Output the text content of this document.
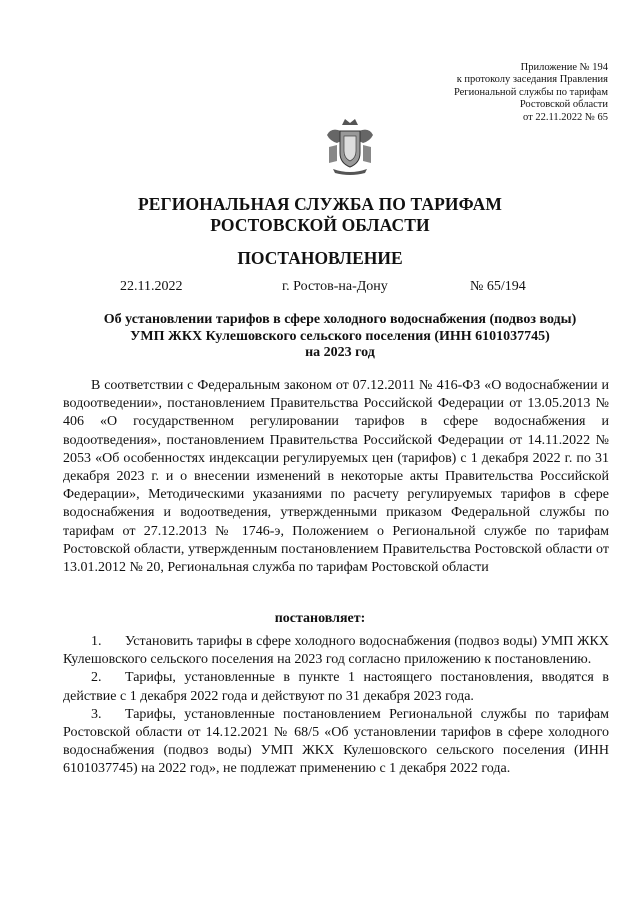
Приложение № 194
к протоколу заседания Правления
Региональной службы по тарифам
Ростовской области
от 22.11.2022 № 65
РЕГИОНАЛЬНАЯ СЛУЖБА ПО ТАРИФАМ
РОСТОВСКОЙ ОБЛАСТИ
ПОСТАНОВЛЕНИЕ
22.11.2022	г. Ростов-на-Дону	№ 65/194
Об установлении тарифов в сфере холодного водоснабжения (подвоз воды)
УМП ЖКХ Кулешовского сельского поселения (ИНН 6101037745)
на 2023 год

В соответствии с Федеральным законом от 07.12.2011 № 416-ФЗ «О водоснабжении и водоотведении», постановлением Правительства Российской Федерации от 13.05.2013 № 406 «О государственном регулировании тарифов в сфере водоснабжения и водоотведения», постановлением Правительства Российской Федерации от 14.11.2022 № 2053 «Об особенностях индексации регулируемых цен (тарифов) с 1 декабря 2022 г. по 31 декабря 2023 г. и о внесении изменений в некоторые акты Правительства Российской Федерации», Методическими указаниями по расчету регулируемых тарифов в сфере водоснабжения и водоотведения, утвержденными приказом Федеральной службы по тарифам от 27.12.2013 № 1746-э, Положением о Региональной службе по тарифам Ростовской области, утвержденным постановлением Правительства Ростовской области от 13.01.2012 № 20, Региональная служба по тарифам Ростовской области

постановляет:

1. Установить тарифы в сфере холодного водоснабжения (подвоз воды) УМП ЖКХ Кулешовского сельского поселения на 2023 год согласно приложению к постановлению.

2. Тарифы, установленные в пункте 1 настоящего постановления, вводятся в действие с 1 декабря 2022 года и действуют по 31 декабря 2023 года.

3. Тарифы, установленные постановлением Региональной службы по тарифам Ростовской области от 14.12.2021 № 68/5 «Об установлении тарифов в сфере холодного водоснабжения (подвоз воды) УМП ЖКХ Кулешовского сельского поселения (ИНН 6101037745) на 2022 год», не подлежат применению с 1 декабря 2022 года.
